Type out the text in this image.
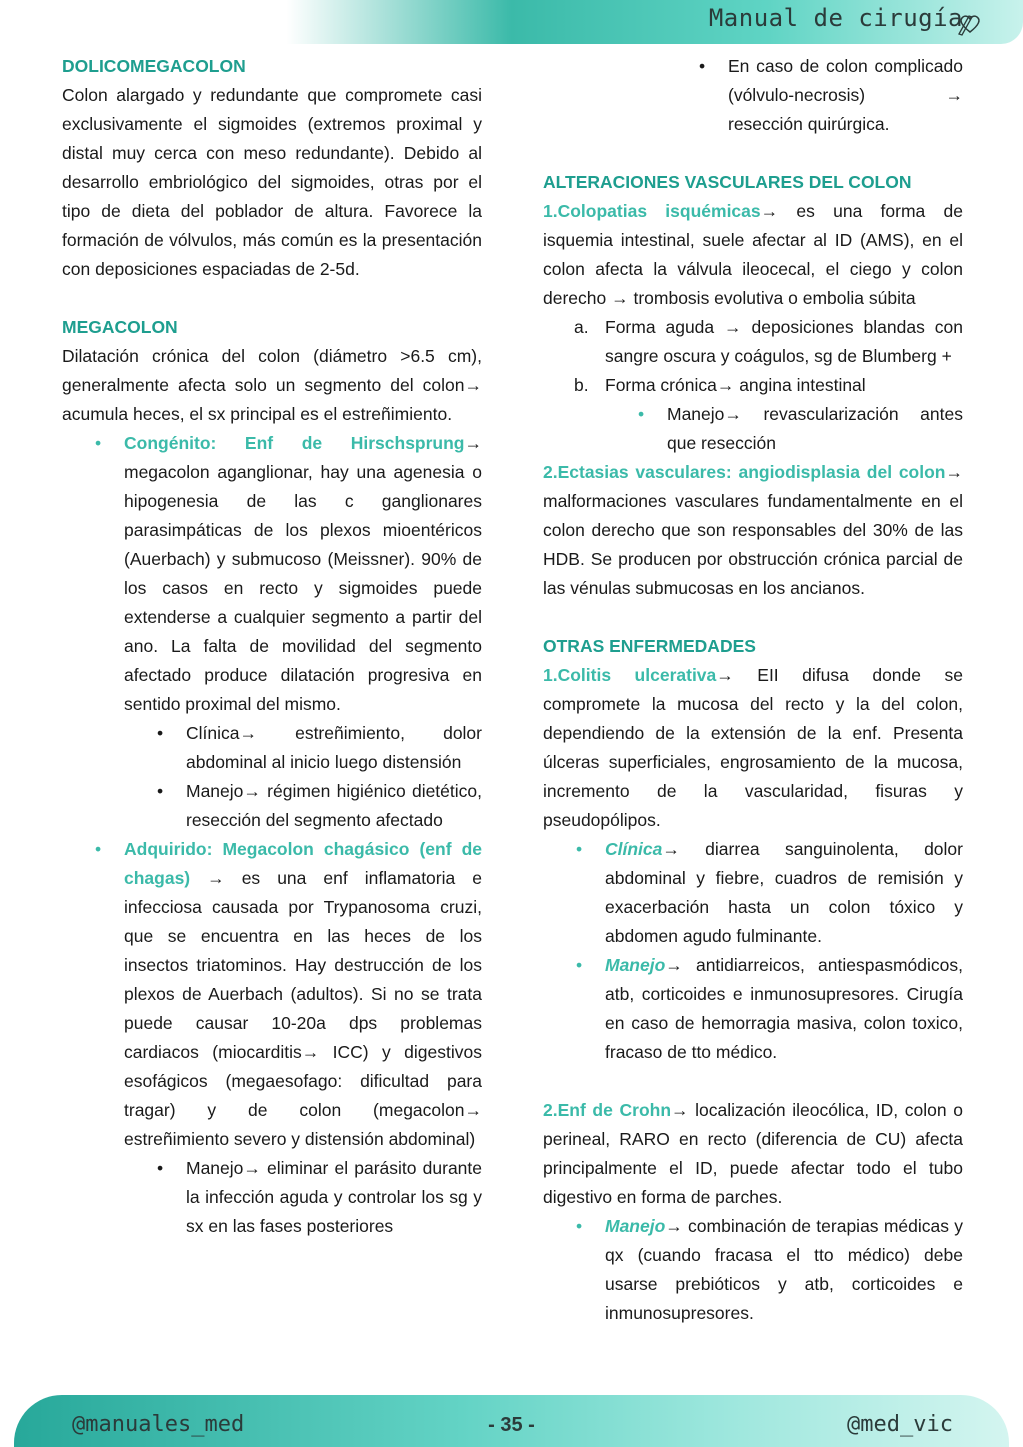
Manual de cirugía
DOLICOMEGACOLON

Colon alargado y redundante que compromete casi exclusivamente el sigmoides (extremos proximal y distal muy cerca con meso redundante). Debido al desarrollo embriológico del sigmoides, otras por el tipo de dieta del poblador de altura. Favorece la formación de vólvulos, más común es la presentación con deposiciones espaciadas de 2-5d.

MEGACOLON

Dilatación crónica del colon (diámetro >6.5 cm), generalmente afecta solo un segmento del colon→ acumula heces, el sx principal es el estreñimiento.

• Congénito: Enf de Hirschsprung→ megacolon aganglionar, hay una agenesia o hipogenesia de las c ganglionares parasimpáticas de los plexos mioentéricos (Auerbach) y submucoso (Meissner). 90% de los casos en recto y sigmoides puede extenderse a cualquier segmento a partir del ano. La falta de movilidad del segmento afectado produce dilatación progresiva en sentido proximal del mismo.
• Clínica→ estreñimiento, dolor abdominal al inicio luego distensión
• Manejo→ régimen higiénico dietético, resección del segmento afectado
• Adquirido: Megacolon chagásico (enf de chagas) → es una enf inflamatoria e infecciosa causada por Trypanosoma cruzi, que se encuentra en las heces de los insectos triatominos. Hay destrucción de los plexos de Auerbach (adultos). Si no se trata puede causar 10-20a dps problemas cardiacos (miocarditis→ ICC) y digestivos esofágicos (megaesofago: dificultad para tragar) y de colon (megacolon→ estreñimiento severo y distensión abdominal)
• Manejo→ eliminar el parásito durante la infección aguda y controlar los sg y sx en las fases posteriores
• En caso de colon complicado (vólvulo-necrosis) → resección quirúrgica.
ALTERACIONES VASCULARES DEL COLON

1.Colopatias isquémicas→ es una forma de isquemia intestinal, suele afectar al ID (AMS), en el colon afecta la válvula ileocecal, el ciego y colon derecho → trombosis evolutiva o embolia súbita

a. Forma aguda → deposiciones blandas con sangre oscura y coágulos, sg de Blumberg +
b. Forma crónica→ angina intestinal
• Manejo→ revascularización antes que resección

2.Ectasias vasculares: angiodisplasia del colon→ malformaciones vasculares fundamentalmente en el colon derecho que son responsables del 30% de las HDB. Se producen por obstrucción crónica parcial de las vénulas submucosas en los ancianos.

OTRAS ENFERMEDADES

1.Colitis ulcerativa→ EII difusa donde se compromete la mucosa del recto y la del colon, dependiendo de la extensión de la enf. Presenta úlceras superficiales, engrosamiento de la mucosa, incremento de la vascularidad, fisuras y pseudopólipos.

• Clínica→ diarrea sanguinolenta, dolor abdominal y fiebre, cuadros de remisión y exacerbación hasta un colon tóxico y abdomen agudo fulminante.
• Manejo→ antidiarreicos, antiespasmódicos, atb, corticoides e inmunosupresores. Cirugía en caso de hemorragia masiva, colon toxico, fracaso de tto médico.

2.Enf de Crohn→ localización ileocólica, ID, colon o perineal, RARO en recto (diferencia de CU) afecta principalmente el ID, puede afectar todo el tubo digestivo en forma de parches.

• Manejo→ combinación de terapias médicas y qx (cuando fracasa el tto médico) debe usarse prebióticos y atb, corticoides e inmunosupresores.
@manuales_med	- 35 -	@med_vic
